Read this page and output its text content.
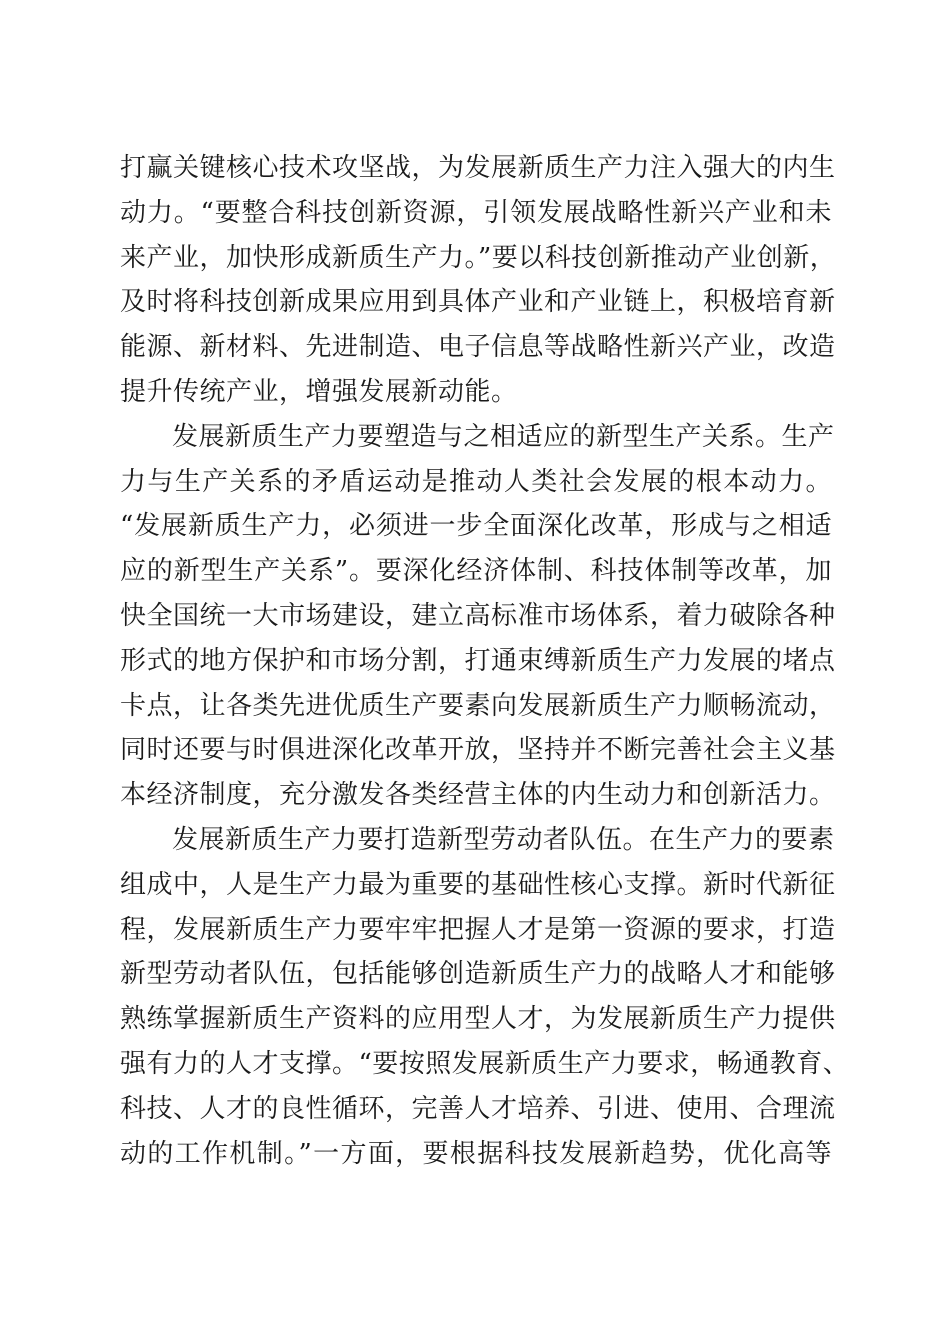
打赢关键核心技术攻坚战，为发展新质生产力注入强大的内生
动力。“要整合科技创新资源，引领发展战略性新兴产业和未
来产业，加快形成新质生产力。”要以科技创新推动产业创新，
及时将科技创新成果应用到具体产业和产业链上，积极培育新
能源、新材料、先进制造、电子信息等战略性新兴产业，改造
提升传统产业，增强发展新动能。
发展新质生产力要塑造与之相适应的新型生产关系。生产
力与生产关系的矛盾运动是推动人类社会发展的根本动力。
“发展新质生产力，必须进一步全面深化改革，形成与之相适
应的新型生产关系”。要深化经济体制、科技体制等改革，加
快全国统一大市场建设，建立高标准市场体系，着力破除各种
形式的地方保护和市场分割，打通束缚新质生产力发展的堵点
卡点，让各类先进优质生产要素向发展新质生产力顺畅流动，
同时还要与时俱进深化改革开放，坚持并不断完善社会主义基
本经济制度，充分激发各类经营主体的内生动力和创新活力。
发展新质生产力要打造新型劳动者队伍。在生产力的要素
组成中，人是生产力最为重要的基础性核心支撑。新时代新征
程，发展新质生产力要牢牢把握人才是第一资源的要求，打造
新型劳动者队伍，包括能够创造新质生产力的战略人才和能够
熟练掌握新质生产资料的应用型人才，为发展新质生产力提供
强有力的人才支撑。“要按照发展新质生产力要求，畅通教育、
科技、人才的良性循环，完善人才培养、引进、使用、合理流
动的工作机制。”一方面，要根据科技发展新趋势，优化高等
